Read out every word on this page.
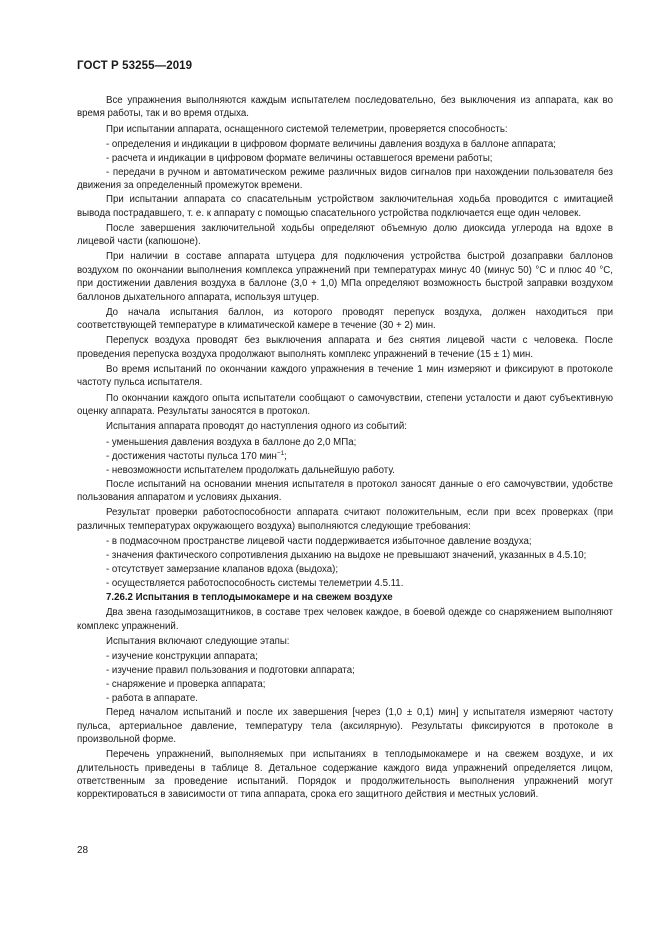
ГОСТ Р 53255—2019

Все упражнения выполняются каждым испытателем последовательно, без выключения из аппарата, как во время работы, так и во время отдыха.

При испытании аппарата, оснащенного системой телеметрии, проверяется способность:

- определения и индикации в цифровом формате величины давления воздуха в баллоне аппарата;

- расчета и индикации в цифровом формате величины оставшегося времени работы;

- передачи в ручном и автоматическом режиме различных видов сигналов при нахождении пользователя без движения за определенный промежуток времени.

При испытании аппарата со спасательным устройством заключительная ходьба проводится с имитацией вывода пострадавшего, т. е. к аппарату с помощью спасательного устройства подключается еще один человек.

После завершения заключительной ходьбы определяют объемную долю диоксида углерода на вдохе в лицевой части (капюшоне).

При наличии в составе аппарата штуцера для подключения устройства быстрой дозаправки баллонов воздухом по окончании выполнения комплекса упражнений при температурах минус 40 (минус 50) °С и плюс 40 °С, при достижении давления воздуха в баллоне (3,0 + 1,0) МПа определяют возможность быстрой заправки воздухом баллонов дыхательного аппарата, используя штуцер.

До начала испытания баллон, из которого проводят перепуск воздуха, должен находиться при соответствующей температуре в климатической камере в течение (30 + 2) мин.

Перепуск воздуха проводят без выключения аппарата и без снятия лицевой части с человека. После проведения перепуска воздуха продолжают выполнять комплекс упражнений в течение (15 ± 1) мин.

Во время испытаний по окончании каждого упражнения в течение 1 мин измеряют и фиксируют в протоколе частоту пульса испытателя.

По окончании каждого опыта испытатели сообщают о самочувствии, степени усталости и дают субъективную оценку аппарата. Результаты заносятся в протокол.

Испытания аппарата проводят до наступления одного из событий:

- уменьшения давления воздуха в баллоне до 2,0 МПа;

- достижения частоты пульса 170 мин$^{-1}$;

- невозможности испытателем продолжать дальнейшую работу.

После испытаний на основании мнения испытателя в протокол заносят данные о его самочувствии, удобстве пользования аппаратом и условиях дыхания.

Результат проверки работоспособности аппарата считают положительным, если при всех проверках (при различных температурах окружающего воздуха) выполняются следующие требования:

- в подмасочном пространстве лицевой части поддерживается избыточное давление воздуха;

- значения фактического сопротивления дыханию на выдохе не превышают значений, указанных в 4.5.10;

- отсутствует замерзание клапанов вдоха (выдоха);

- осуществляется работоспособность системы телеметрии 4.5.11.

7.26.2 Испытания в теплодымокамере и на свежем воздухе

Два звена газодымозащитников, в составе трех человек каждое, в боевой одежде со снаряжением выполняют комплекс упражнений.

Испытания включают следующие этапы:

- изучение конструкции аппарата;

- изучение правил пользования и подготовки аппарата;

- снаряжение и проверка аппарата;

- работа в аппарате.

Перед началом испытаний и после их завершения [через (1,0 ± 0,1) мин] у испытателя измеряют частоту пульса, артериальное давление, температуру тела (аксилярную). Результаты фиксируются в протоколе в произвольной форме.

Перечень упражнений, выполняемых при испытаниях в теплодымокамере и на свежем воздухе, и их длительность приведены в таблице 8. Детальное содержание каждого вида упражнений определяется лицом, ответственным за проведение испытаний. Порядок и продолжительность выполнения упражнений могут корректироваться в зависимости от типа аппарата, срока его защитного действия и местных условий.

28
